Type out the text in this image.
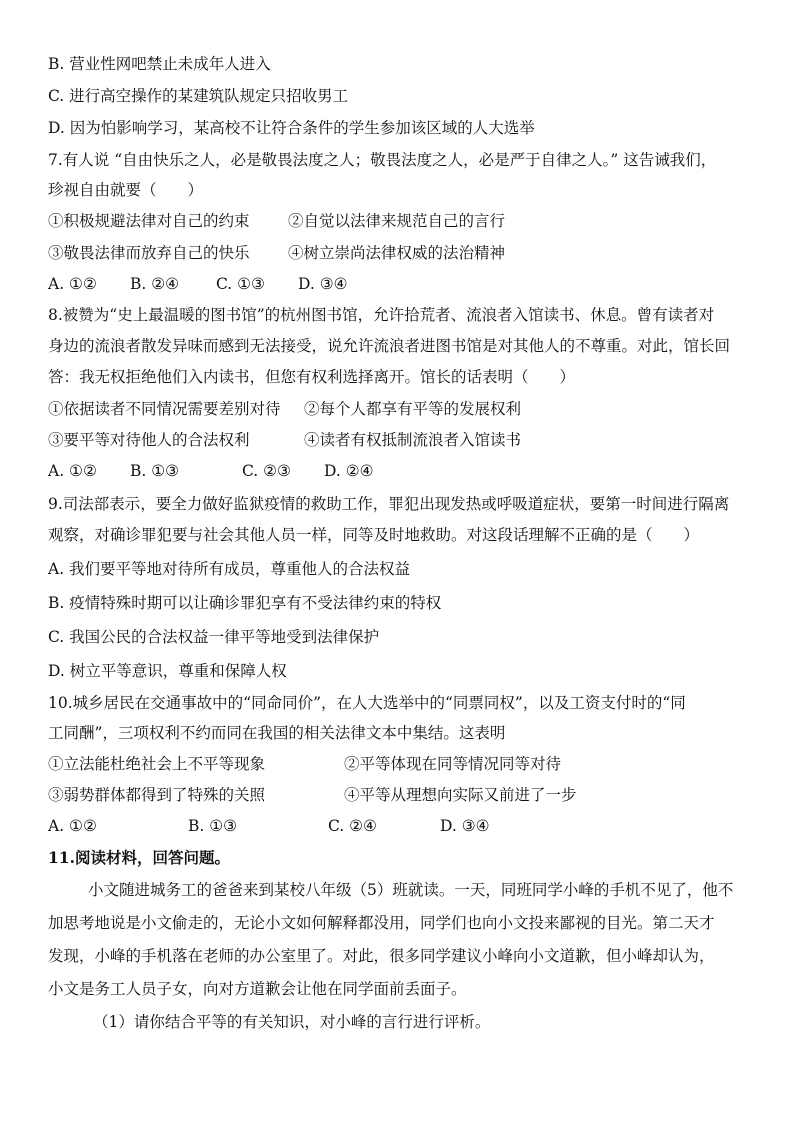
B. 营业性网吧禁止未成年人进入
C. 进行高空操作的某建筑队规定只招收男工
D. 因为怕影响学习，某高校不让符合条件的学生参加该区域的人大选举
7.有人说 “自由快乐之人，必是敬畏法度之人；敬畏法度之人，必是严于自律之人。” 这告诫我们，
珍视自由就要（　　）
①积极规避法律对自己的约束 ②自觉以法律来规范自己的言行
③敬畏法律而放弃自己的快乐 ④树立崇尚法律权威的法治精神
A. ①② B. ②④ C. ①③ D. ③④
8.被赞为“史上最温暖的图书馆”的杭州图书馆，允许拾荒者、流浪者入馆读书、休息。曾有读者对
身边的流浪者散发异味而感到无法接受，说允许流浪者进图书馆是对其他人的不尊重。对此，馆长回
答：我无权拒绝他们入内读书，但您有权利选择离开。馆长的话表明（　　）
①依据读者不同情况需要差别对待 ②每个人都享有平等的发展权利
③要平等对待他人的合法权利	④读者有权抵制流浪者入馆读书
A. ①② B. ①③	C. ②③ D. ②④
9.司法部表示，要全力做好监狱疫情的救助工作，罪犯出现发热或呼吸道症状，要第一时间进行隔离
观察，对确诊罪犯要与社会其他人员一样，同等及时地救助。对这段话理解不正确的是（　　）
A. 我们要平等地对待所有成员，尊重他人的合法权益
B. 疫情特殊时期可以让确诊罪犯享有不受法律约束的特权
C. 我国公民的合法权益一律平等地受到法律保护
D. 树立平等意识，尊重和保障人权
10.城乡居民在交通事故中的“同命同价”，在人大选举中的“同票同权”，以及工资支付时的“同
工同酬”，三项权利不约而同在我国的相关法律文本中集结。这表明
①立法能杜绝社会上不平等现象	②平等体现在同等情况同等对待
③弱势群体都得到了特殊的关照	④平等从理想向实际又前进了一步
A. ①②	B. ①③	C. ②④	D. ③④
11.阅读材料，回答问题。
小文随进城务工的爸爸来到某校八年级（5）班就读。一天，同班同学小峰的手机不见了，他不
加思考地说是小文偷走的，无论小文如何解释都没用，同学们也向小文投来鄙视的目光。第二天才
发现，小峰的手机落在老师的办公室里了。对此，很多同学建议小峰向小文道歉，但小峰却认为，
小文是务工人员子女，向对方道歉会让他在同学面前丢面子。
（1）请你结合平等的有关知识，对小峰的言行进行评析。
